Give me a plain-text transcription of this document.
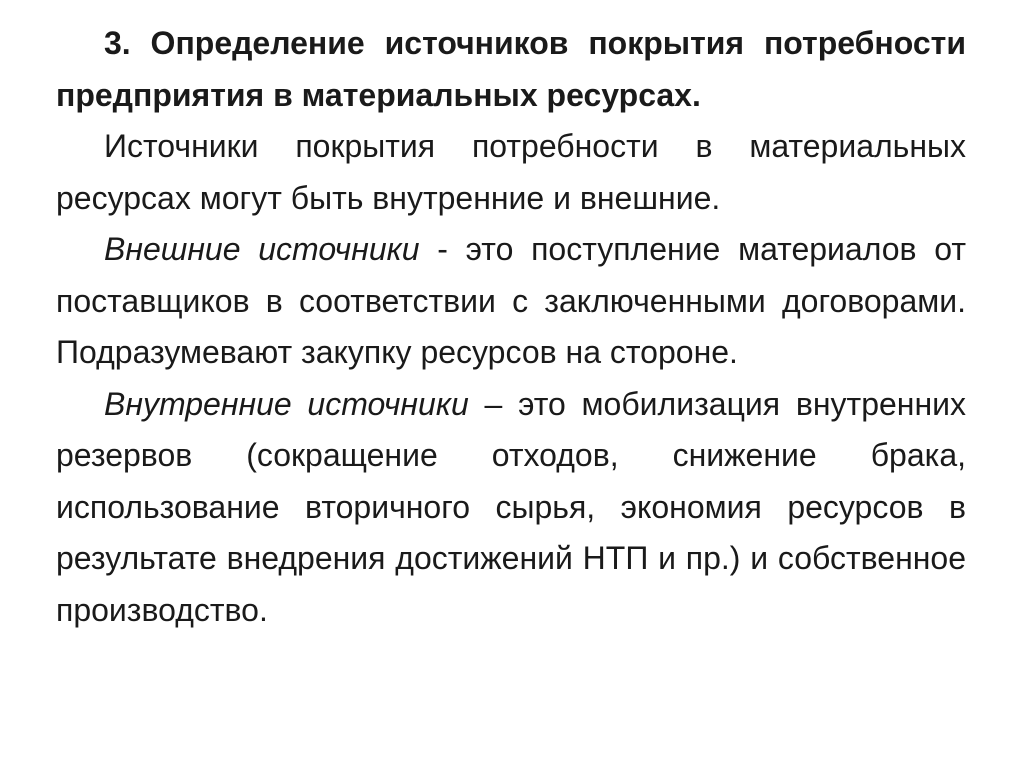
3. Определение источников покрытия потребности предприятия в материальных ресурсах.

Источники покрытия потребности в материальных ресурсах могут быть внутренние и внешние.

Внешние источники - это поступление материалов от поставщиков в соответствии с заключенными договорами. Подразумевают закупку ресурсов на стороне.

Внутренние источники – это мобилизация внутренних резервов (сокращение отходов, снижение брака, использование вторичного сырья, экономия ресурсов в результате внедрения достижений НТП и пр.) и собственное производство.
